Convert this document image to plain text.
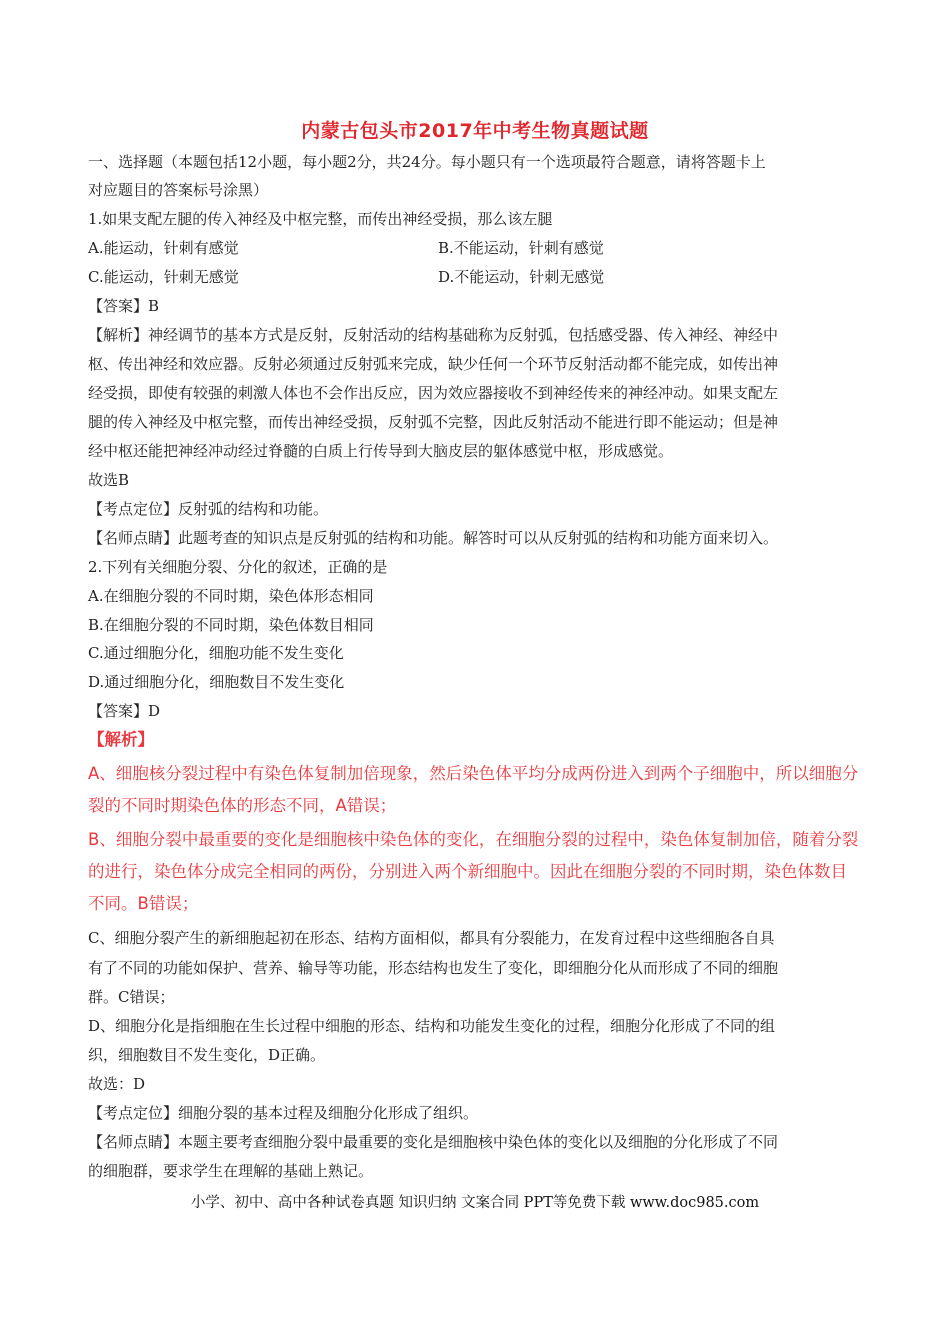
内蒙古包头市2017年中考生物真题试题
一、选择题（本题包括12小题，每小题2分，共24分。每小题只有一个选项最符合题意，请将答题卡上
对应题目的答案标号涂黑）
1.如果支配左腿的传入神经及中枢完整，而传出神经受损，那么该左腿
A.能运动，针刺有感觉	B.不能运动，针刺有感觉
C.能运动，针刺无感觉	D.不能运动，针刺无感觉
【答案】B
【解析】神经调节的基本方式是反射，反射活动的结构基础称为反射弧，包括感受器、传入神经、神经中
枢、传出神经和效应器。反射必须通过反射弧来完成，缺少任何一个环节反射活动都不能完成，如传出神
经受损，即使有较强的刺激人体也不会作出反应，因为效应器接收不到神经传来的神经冲动。如果支配左
腿的传入神经及中枢完整，而传出神经受损，反射弧不完整，因此反射活动不能进行即不能运动；但是神
经中枢还能把神经冲动经过脊髓的白质上行传导到大脑皮层的躯体感觉中枢，形成感觉。
故选B
【考点定位】反射弧的结构和功能。
【名师点睛】此题考查的知识点是反射弧的结构和功能。解答时可以从反射弧的结构和功能方面来切入。
2.下列有关细胞分裂、分化的叙述，正确的是
A.在细胞分裂的不同时期，染色体形态相同
B.在细胞分裂的不同时期，染色体数目相同
C.通过细胞分化，细胞功能不发生变化
D.通过细胞分化，细胞数目不发生变化
【答案】D
【解析】
A、细胞核分裂过程中有染色体复制加倍现象，然后染色体平均分成两份进入到两个子细胞中，所以细胞分
裂的不同时期染色体的形态不同，A错误；
B、细胞分裂中最重要的变化是细胞核中染色体的变化，在细胞分裂的过程中，染色体复制加倍，随着分裂
的进行，染色体分成完全相同的两份，分别进入两个新细胞中。因此在细胞分裂的不同时期，染色体数目
不同。B错误；
C、细胞分裂产生的新细胞起初在形态、结构方面相似，都具有分裂能力，在发育过程中这些细胞各自具
有了不同的功能如保护、营养、输导等功能，形态结构也发生了变化，即细胞分化从而形成了不同的细胞
群。C错误；
D、细胞分化是指细胞在生长过程中细胞的形态、结构和功能发生变化的过程，细胞分化形成了不同的组
织，细胞数目不发生变化，D正确。
故选：D
【考点定位】细胞分裂的基本过程及细胞分化形成了组织。
【名师点睛】本题主要考查细胞分裂中最重要的变化是细胞核中染色体的变化以及细胞的分化形成了不同
的细胞群，要求学生在理解的基础上熟记。
小学、初中、高中各种试卷真题 知识归纳 文案合同 PPT等免费下载 www.doc985.com
